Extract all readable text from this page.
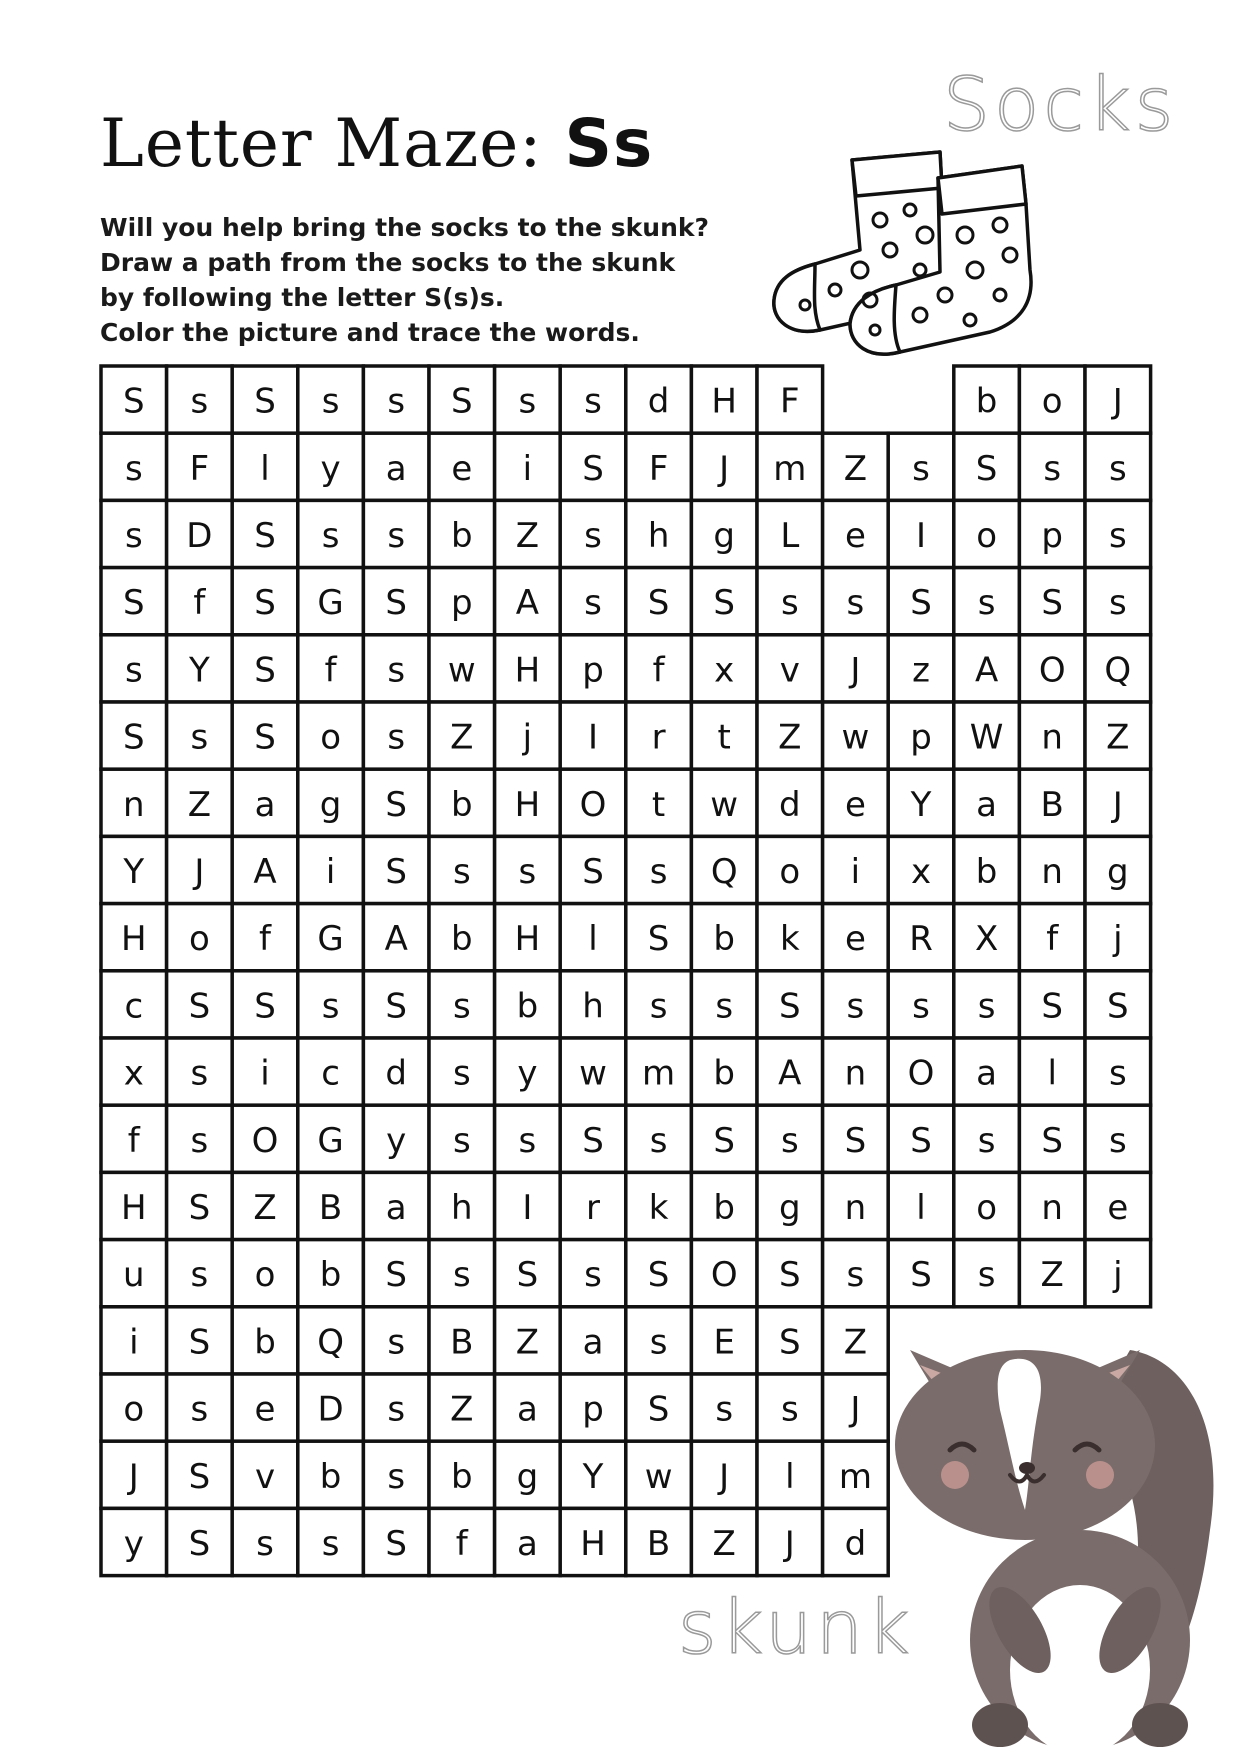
Letter Maze: Ss
Will you help bring the socks to the skunk?
Draw a path from the socks to the skunk
by following the letter S(s)s.
Color the picture and trace the words.
Socks
skunk
S s S s s S s s d H F	b o J
s F l y a e i S F J m Z s S s s
s D S s s b Z s h g L e I o p s
S f S G S p A s S S s s S s S s
s Y S f s w H p f x v J z A O Q
S s S o s Z j I r t Z w p W n Z
n Z a g S b H O t w d e Y a B J
Y J A i S s s S s Q o i x b n g
H o f G A b H l S b k e R X f j
c S S s S s b h s s S s s s S S
x s i c d s y w m b A n O a l s
f s O G y s s S s S s S S s S s
H S Z B a h I r k b g n l o n e
u s o b S s S s S O S s S s Z j
i S b Q s B Z a s E S Z
o s e D s Z a p S s s J
J S v b s b g Y w J l m
y S s s S f a H B Z J d
